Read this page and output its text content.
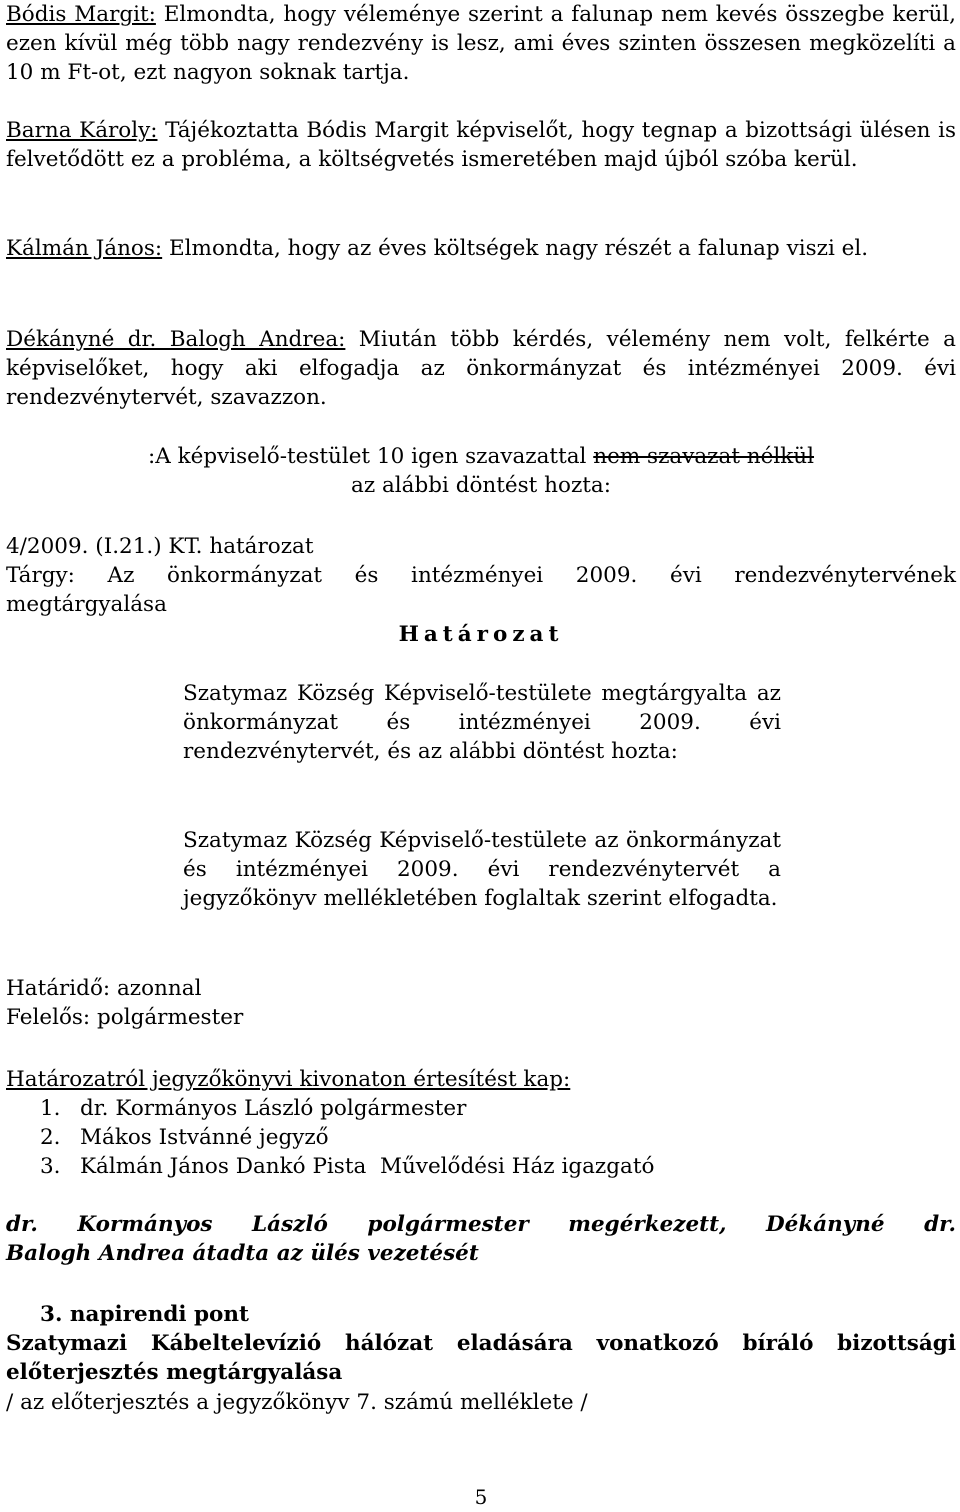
Bódis Margit: Elmondta, hogy véleménye szerint a falunap nem kevés összegbe kerül, ezen kívül még több nagy rendezvény is lesz, ami éves szinten összesen megközelíti a 10 m Ft-ot, ezt nagyon soknak tartja.

Barna Károly: Tájékoztatta Bódis Margit képviselőt, hogy tegnap a bizottsági ülésen is felvetődött ez a probléma, a költségvetés ismeretében majd újból szóba kerül.

Kálmán János: Elmondta, hogy az éves költségek nagy részét a falunap viszi el.

Dékányné dr. Balogh Andrea: Miután több kérdés, vélemény nem volt, felkérte a képviselőket, hogy aki elfogadja az önkormányzat és intézményei 2009. évi rendezvénytervét, szavazzon.

:A képviselő-testület 10 igen szavazattal nem szavazat nélkül
az alábbi döntést hozta:
4/2009. (I.21.) KT. határozat
Tárgy: Az önkormányzat és intézményei 2009. évi rendezvénytervének
megtárgyalása
Határozat

Szatymaz Község Képviselő-testülete megtárgyalta az önkormányzat és intézményei 2009. évi rendezvénytervét, és az alábbi döntést hozta:

Szatymaz Község Képviselő-testülete az önkormányzat és intézményei 2009. évi rendezvénytervét a jegyzőkönyv mellékletében foglaltak szerint elfogadta.

Határidő: azonnal
Felelős: polgármester
Határozatról jegyzőkönyvi kivonaton értesítést kap:
1. dr. Kormányos László polgármester
2. Mákos Istvánné jegyző
3. Kálmán János Dankó Pista  Művelődési Ház igazgató
dr. Kormányos László polgármester megérkezett, Dékányné dr.
Balogh Andrea átadta az ülés vezetését
3. napirendi pont
Szatymazi Kábeltelevízió hálózat eladására vonatkozó bíráló bizottsági
előterjesztés megtárgyalása
/ az előterjesztés a jegyzőkönyv 7. számú melléklete /
5
